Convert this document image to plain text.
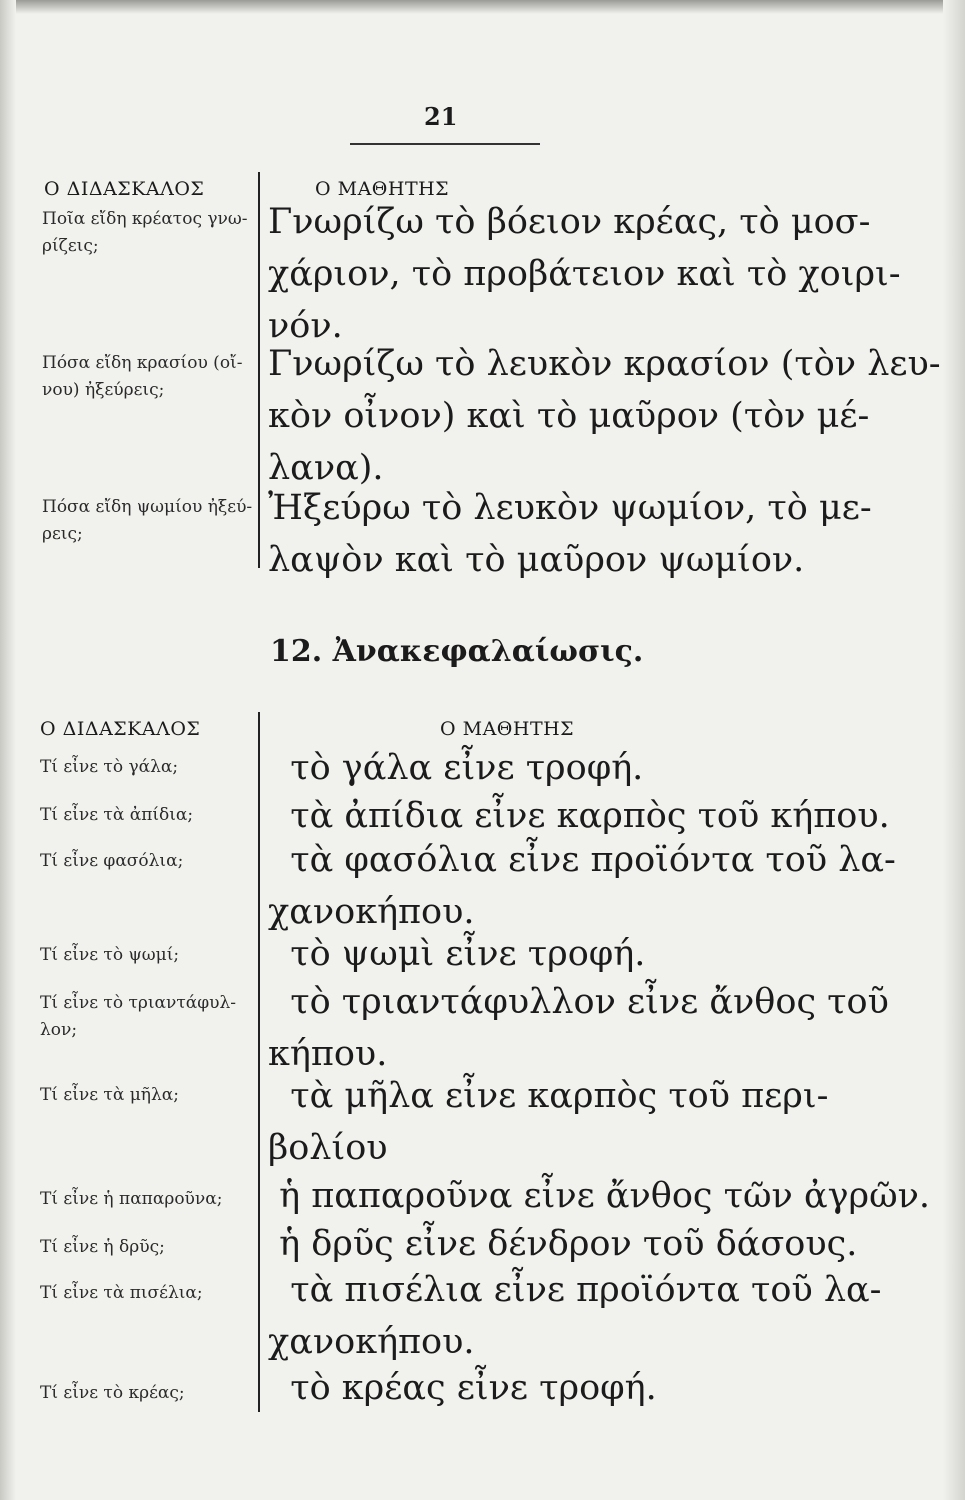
21
Ο ΔΙΔΑΣΚΑΛΟΣ	Ο ΜΑΘΗΤΗΣ
Ποῖα εἴδη κρέατος γνω-
ρίζεις;
Πόσα εἴδη κρασίου (οἴ-
νου) ἠξεύρεις;
Πόσα εἴδη ψωμίου ἠξεύ-
ρεις;
Γνωρίζω τὸ βόειον κρέας, τὸ μοσ-
χάριον, τὸ προβάτειον καὶ τὸ χοιρι-
νόν.
Γνωρίζω τὸ λευκὸν κρασίον (τὸν λευ-
κὸν οἶνον) καὶ τὸ μαῦρον (τὸν μέ-
λανα).
Ἠξεύρω τὸ λευκὸν ψωμίον, τὸ με-
λαψὸν καὶ τὸ μαῦρον ψωμίον.
12. Ἀνακεφαλαίωσις.
Ο ΔΙΔΑΣΚΑΛΟΣ	Ο ΜΑΘΗΤΗΣ
Τί εἶνε τὸ γάλα;
Τί εἶνε τὰ ἀπίδια;
Τί εἶνε φασόλια;
Τί εἶνε τὸ ψωμί;
Τί εἶνε τὸ τριαντάφυλ-
λον;
Τί εἶνε τὰ μῆλα;
Τί εἶνε ἡ παπαροῦνα;
Τί εἶνε ἡ δρῦς;
Τί εἶνε τὰ πισέλια;
Τί εἶνε τὸ κρέας;
τὸ γάλα εἶνε τροφή.
τὰ ἀπίδια εἶνε καρπὸς τοῦ κήπου.
τὰ φασόλια εἶνε προϊόντα τοῦ λα-
χανοκήπου.
τὸ ψωμὶ εἶνε τροφή.
τὸ τριαντάφυλλον εἶνε ἄνθος τοῦ
κήπου.
τὰ μῆλα εἶνε καρπὸς τοῦ περι-
βολίου
ἡ παπαροῦνα εἶνε ἄνθος τῶν ἀγρῶν.
ἡ δρῦς εἶνε δένδρον τοῦ δάσους.
τὰ πισέλια εἶνε προϊόντα τοῦ λα-
χανοκήπου.
τὸ κρέας εἶνε τροφή.
